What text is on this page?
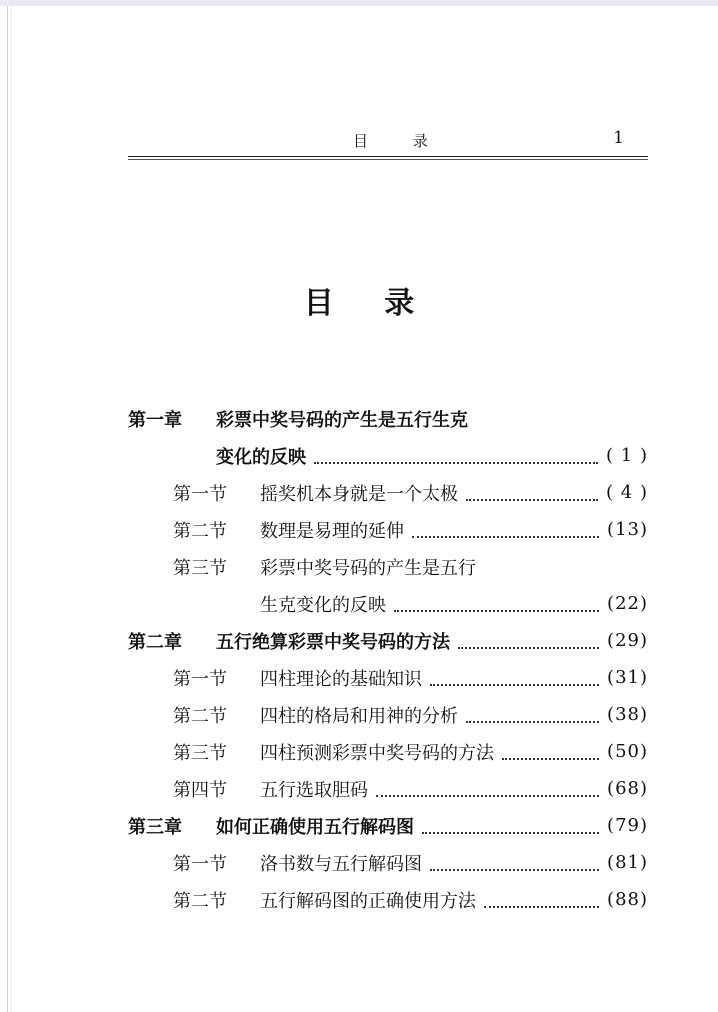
目 录	1
目 录
第一章	彩票中奖号码的产生是五行生克
变化的反映	( 1 )
第一节	摇奖机本身就是一个太极	( 4 )
第二节	数理是易理的延伸	(13)
第三节	彩票中奖号码的产生是五行
生克变化的反映	(22)
第二章	五行绝算彩票中奖号码的方法	(29)
第一节	四柱理论的基础知识	(31)
第二节	四柱的格局和用神的分析	(38)
第三节	四柱预测彩票中奖号码的方法	(50)
第四节	五行选取胆码	(68)
第三章	如何正确使用五行解码图	(79)
第一节	洛书数与五行解码图	(81)
第二节	五行解码图的正确使用方法	(88)
